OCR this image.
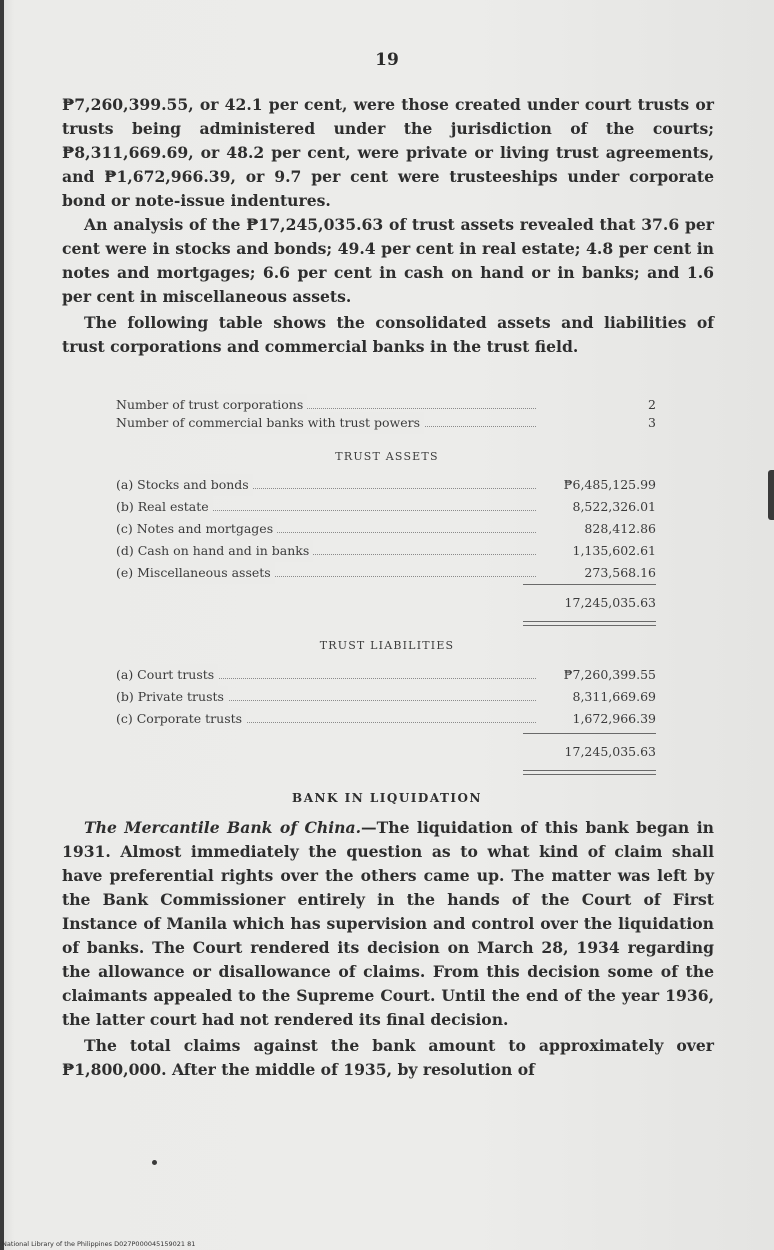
19

₱7,260,399.55, or 42.1 per cent, were those created under court trusts or trusts being administered under the jurisdiction of the courts; ₱8,311,669.69, or 48.2 per cent, were private or living trust agreements, and ₱1,672,966.39, or 9.7 per cent were trusteeships under corporate bond or note-issue indentures.

An analysis of the ₱17,245,035.63 of trust assets revealed that 37.6 per cent were in stocks and bonds; 49.4 per cent in real estate; 4.8 per cent in notes and mortgages; 6.6 per cent in cash on hand or in banks; and 1.6 per cent in miscellaneous assets.

The following table shows the consolidated assets and liabilities of trust corporations and commercial banks in the trust field.

Number of trust corporations	2
Number of commercial banks with trust powers	3
TRUST ASSETS
(a) Stocks and bonds	₱6,485,125.99
(b) Real estate	8,522,326.01
(c) Notes and mortgages	828,412.86
(d) Cash on hand and in banks	1,135,602.61
(e) Miscellaneous assets	273,568.16
17,245,035.63
TRUST LIABILITIES
(a) Court trusts	₱7,260,399.55
(b) Private trusts	8,311,669.69
(c) Corporate trusts	1,672,966.39
17,245,035.63
BANK IN LIQUIDATION

The Mercantile Bank of China.—The liquidation of this bank began in 1931. Almost immediately the question as to what kind of claim shall have preferential rights over the others came up. The matter was left by the Bank Commissioner entirely in the hands of the Court of First Instance of Manila which has supervision and control over the liquidation of banks. The Court rendered its decision on March 28, 1934 regarding the allowance or disallowance of claims. From this decision some of the claimants appealed to the Supreme Court. Until the end of the year 1936, the latter court had not rendered its final decision.

The total claims against the bank amount to approximately over ₱1,800,000. After the middle of 1935, by resolution of

National Library of the Philippines D027P000045159021 81
